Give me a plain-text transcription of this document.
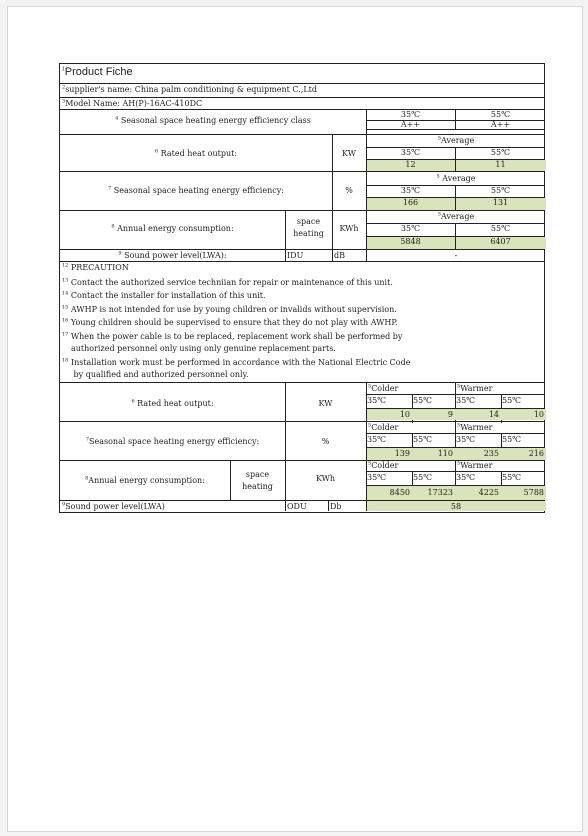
$^1$Product Fiche
$^2$supplier's name: China palm conditioning & equipment C.,Ltd
$^3$Model Name: AH(P)-16AC-410DC
$^4$ Seasonal space heating energy efficiency class
35℃	55℃
A++	A++
$^6$ Rated heat output:	KW
$^5$Average
35℃	55℃
12	11
$^7$ Seasonal space heating energy efficiency:	%
$^5$ Average
35℃	55℃
166	131
$^8$ Annual energy consumption:
space
heating
KWh
$^5$Average
35℃	55℃
5848	6407
$^9$ Sound power level(LWA):	IDU	dB	-
$^{12}$ PRECAUTION
$^{13}$ Contact the authorized service techniian for repair or maintenance of this unit.
$^{14}$ Contact the installer for installation of this unit.
$^{15}$ AWHP is not intended for use by young children or invalids without supervision.
$^{16}$ Young children should be supervised to ensure that they do not play with AWHP.
$^{17}$ When the power cable is to be replaced, replacement work shall be performed by
authorized personnel only using only genuine replacement parts.
$^{18}$ Installation work must be performed in accordance with the National Electric Code
by qualified and authorized personnel only.
$^6$ Rated heat output:	KW
$^5$Colder	$^5$Warmer
35℃	55℃	35℃	55℃
10	9	14	10
$^7$Seasonal space heating energy efficiency:	%
$^5$Colder	$^5$Warmer
35℃	55℃	35℃	55℃
139	110	235	216
$^8$Annual energy consumption:
space
heating
KWh
$^5$Colder	$^5$Warmer
35℃	55℃	35℃	55℃
8450	17323	4225	5788
$^9$Sound power level(LWA)	ODU	Db	58
